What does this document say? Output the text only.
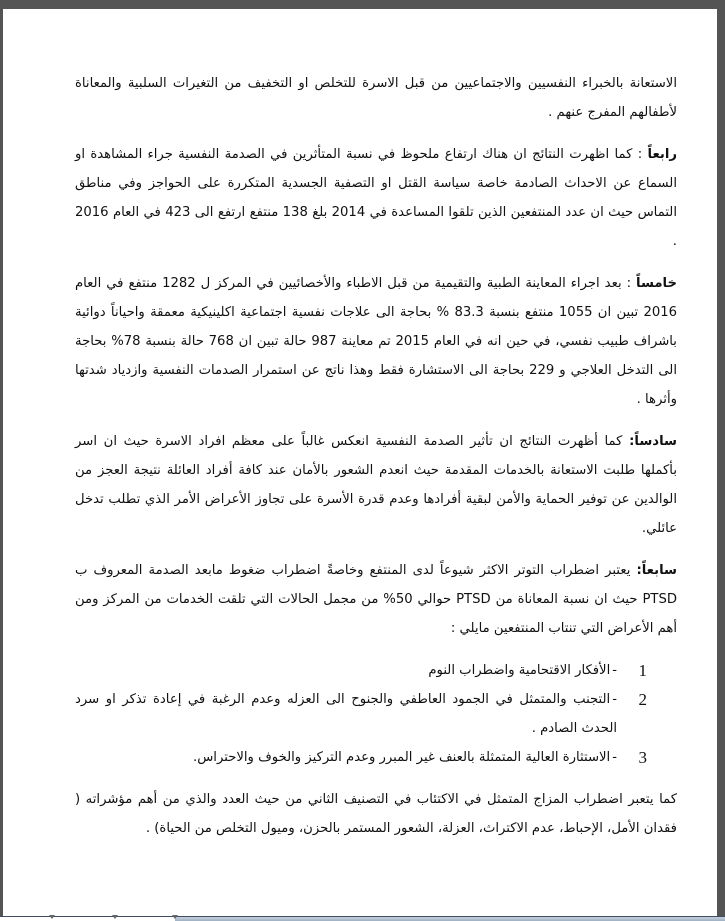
الاستعانة بالخبراء النفسيين والاجتماعيين من قبل الاسرة للتخلص او التخفيف من التغيرات السلبية والمعاناة لأطفالهم المفرج عنهم .

رابعاً : كما اظهرت النتائج ان هناك ارتفاع ملحوظ في نسبة المتأثرين في الصدمة النفسية جراء المشاهدة او السماع عن الاحداث الصادمة خاصة سياسة القتل او التصفية الجسدية المتكررة على الحواجز وفي مناطق التماس حيث ان عدد المنتفعين الذين تلقوا المساعدة في 2014 بلغ 138 منتفع ارتفع الى 423 في العام 2016 .

خامساً : بعد اجراء المعاينة الطبية والتقيمية من قبل الاطباء والأخصائيين في المركز ل 1282 منتفع في العام 2016 تبين ان 1055 منتفع بنسبة 83.3 % بحاجة الى علاجات نفسية اجتماعية اكلينيكية معمقة واحياناً دوائية باشراف طبيب نفسي، في حين انه في العام 2015 تم معاينة 987 حالة تبين ان 768 حالة بنسبة 78% بحاجة الى التدخل العلاجي و 229 بحاجة الى الاستشارة فقط وهذا ناتج عن استمرار الصدمات النفسية وازدياد شدتها وأثرها .

سادساً: كما أظهرت النتائج ان تأثير الصدمة النفسية انعكس غالباً على معظم افراد الاسرة حيث ان اسر بأكملها طلبت الاستعانة بالخدمات المقدمة حيث انعدم الشعور بالأمان عند كافة أفراد العائلة نتيجة العجز من الوالدين عن توفير الحماية والأمن لبقية أفرادها وعدم قدرة الأسرة على تجاوز الأعراض الأمر الذي تطلب تدخل عائلي.

سابعاً: يعتبر اضطراب التوتر الاكثر شيوعاً لدى المنتفع وخاصةً اضطراب ضغوط مابعد الصدمة المعروف ب PTSD حيث ان نسبة المعاناة من PTSD حوالي 50% من مجمل الحالات التي تلقت الخدمات من المركز ومن أهم الأعراض التي تنتاب المنتفعين مايلي :

1
-الأفكار الاقتحامية واضطراب النوم
2
-التجنب والمتمثل في الجمود العاطفي والجنوح الى العزله وعدم الرغبة في إعادة تذكر او سرد الحدث الصادم .
3
-الاستثارة العالية المتمثلة بالعنف غير المبرر وعدم التركيز والخوف والاحتراس.

كما يتعبر اضطراب المزاج المتمثل في الاكتئاب في التصنيف الثاني من حيث العدد والذي من أهم مؤشراته ( فقدان الأمل، الإحباط، عدم الاكتراث، العزلة، الشعور المستمر بالحزن، وميول التخلص من الحياة) .
